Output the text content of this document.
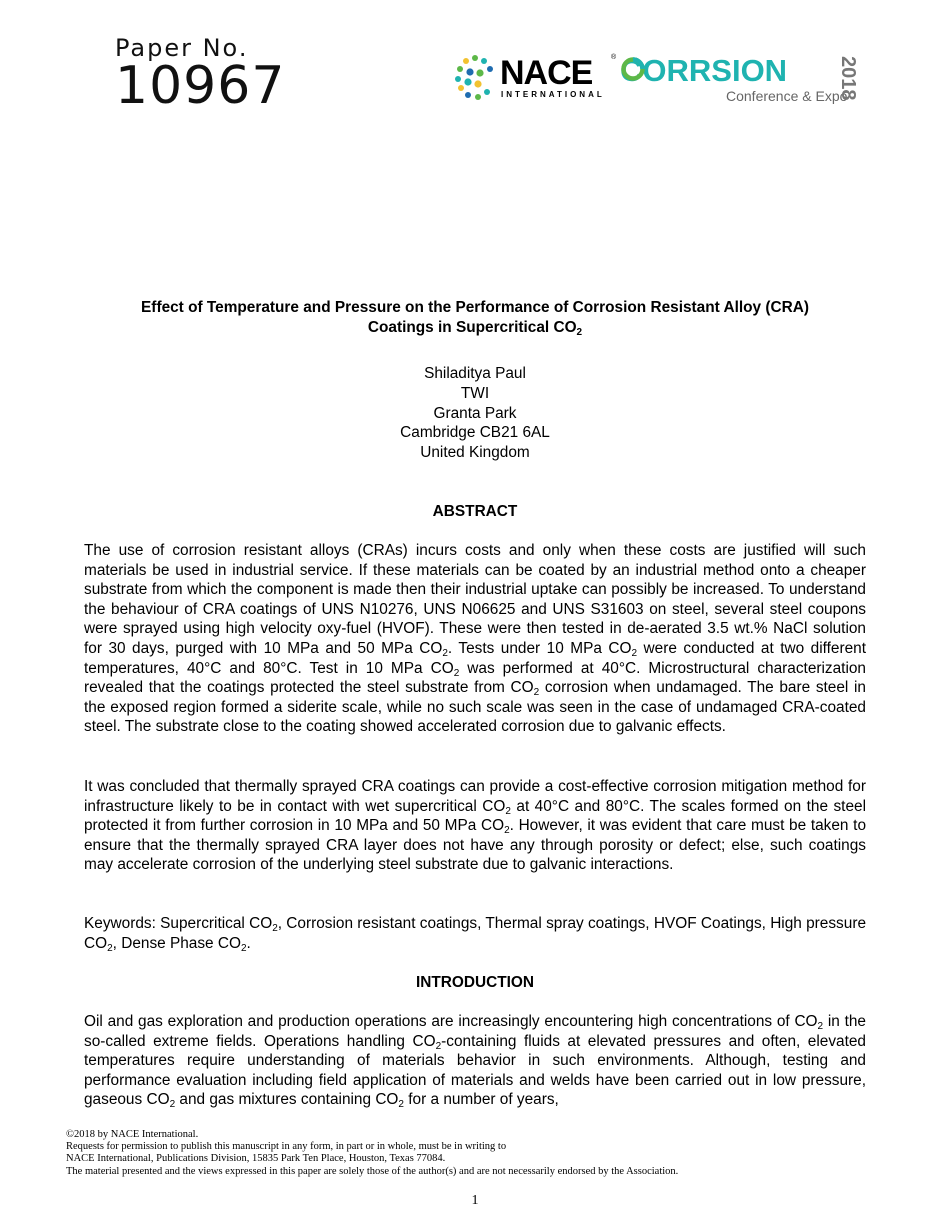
Paper No.
10967	NACE	®
INTERNATIONAL
CORR
SION
Conference & Expo
2018
Effect of Temperature and Pressure on the Performance of Corrosion Resistant Alloy (CRA)
Coatings in Supercritical $CO_2$
Shiladitya Paul
TWI
Granta Park
Cambridge CB21 6AL
United Kingdom
ABSTRACT
The use of corrosion resistant alloys (CRAs) incurs costs and only when these costs are justified will such materials be used in industrial service. If these materials can be coated by an industrial method onto a cheaper substrate from which the component is made then their industrial uptake can possibly be increased. To understand the behaviour of CRA coatings of UNS N10276, UNS N06625 and UNS S31603 on steel, several steel coupons were sprayed using high velocity oxy-fuel (HVOF). These were then tested in de-aerated 3.5 wt.% NaCl solution for 30 days, purged with 10 MPa and 50 MPa $CO_2$. Tests under 10 MPa $CO_2$ were conducted at two different temperatures, 40°C and 80°C. Test in 10 MPa $CO_2$ was performed at 40°C. Microstructural characterization revealed that the coatings protected the steel substrate from $CO_2$ corrosion when undamaged. The bare steel in the exposed region formed a siderite scale, while no such scale was seen in the case of undamaged CRA-coated steel. The substrate close to the coating showed accelerated corrosion due to galvanic effects.
It was concluded that thermally sprayed CRA coatings can provide a cost-effective corrosion mitigation method for infrastructure likely to be in contact with wet supercritical $CO_2$ at 40°C and 80°C. The scales formed on the steel protected it from further corrosion in 10 MPa and 50 MPa $CO_2$. However, it was evident that care must be taken to ensure that the thermally sprayed CRA layer does not have any through porosity or defect; else, such coatings may accelerate corrosion of the underlying steel substrate due to galvanic interactions.
Keywords: Supercritical $CO_2$, Corrosion resistant coatings, Thermal spray coatings, HVOF Coatings, High pressure $CO_2$, Dense Phase $CO_2$.
INTRODUCTION
Oil and gas exploration and production operations are increasingly encountering high concentrations of $CO_2$ in the so-called extreme fields. Operations handling $CO_2$-containing fluids at elevated pressures and often, elevated temperatures require understanding of materials behavior in such environments. Although, testing and performance evaluation including field application of materials and welds have been carried out in low pressure, gaseous $CO_2$ and gas mixtures containing $CO_2$ for a number of years,
©2018 by NACE International.
Requests for permission to publish this manuscript in any form, in part or in whole, must be in writing to
NACE International, Publications Division, 15835 Park Ten Place, Houston, Texas 77084.
The material presented and the views expressed in this paper are solely those of the author(s) and are not necessarily endorsed by the Association.
1
